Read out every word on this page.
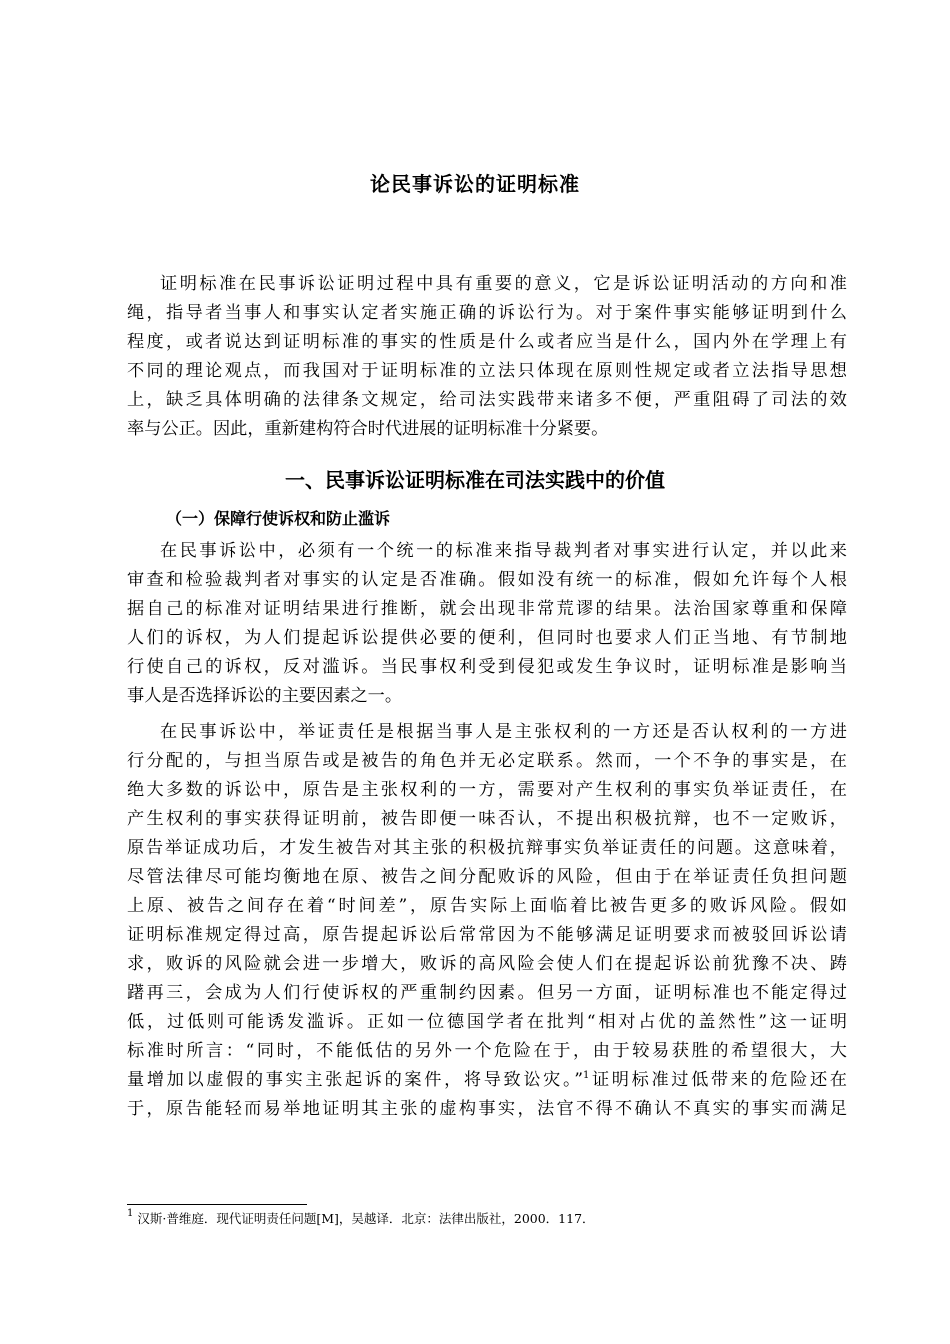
论民事诉讼的证明标准
证明标准在民事诉讼证明过程中具有重要的意义，它是诉讼证明活动的方向和准
绳，指导者当事人和事实认定者实施正确的诉讼行为。对于案件事实能够证明到什么
程度，或者说达到证明标准的事实的性质是什么或者应当是什么，国内外在学理上有
不同的理论观点，而我国对于证明标准的立法只体现在原则性规定或者立法指导思想
上，缺乏具体明确的法律条文规定，给司法实践带来诸多不便，严重阻碍了司法的效
率与公正。因此，重新建构符合时代进展的证明标准十分紧要。
一、民事诉讼证明标准在司法实践中的价值
（一）保障行使诉权和防止滥诉
在民事诉讼中，必须有一个统一的标准来指导裁判者对事实进行认定，并以此来
审查和检验裁判者对事实的认定是否准确。假如没有统一的标准，假如允许每个人根
据自己的标准对证明结果进行推断，就会出现非常荒谬的结果。法治国家尊重和保障
人们的诉权，为人们提起诉讼提供必要的便利，但同时也要求人们正当地、有节制地
行使自己的诉权，反对滥诉。当民事权利受到侵犯或发生争议时，证明标准是影响当
事人是否选择诉讼的主要因素之一。
在民事诉讼中，举证责任是根据当事人是主张权利的一方还是否认权利的一方进
行分配的，与担当原告或是被告的角色并无必定联系。然而，一个不争的事实是，在
绝大多数的诉讼中，原告是主张权利的一方，需要对产生权利的事实负举证责任，在
产生权利的事实获得证明前，被告即便一味否认，不提出积极抗辩，也不一定败诉，
原告举证成功后，才发生被告对其主张的积极抗辩事实负举证责任的问题。这意味着，
尽管法律尽可能均衡地在原、被告之间分配败诉的风险，但由于在举证责任负担问题
上原、被告之间存在着“时间差”，原告实际上面临着比被告更多的败诉风险。假如
证明标准规定得过高，原告提起诉讼后常常因为不能够满足证明要求而被驳回诉讼请
求，败诉的风险就会进一步增大，败诉的高风险会使人们在提起诉讼前犹豫不决、踌
躇再三，会成为人们行使诉权的严重制约因素。但另一方面，证明标准也不能定得过
低，过低则可能诱发滥诉。正如一位德国学者在批判“相对占优的盖然性”这一证明
标准时所言：“同时，不能低估的另外一个危险在于，由于较易获胜的希望很大，大
量增加以虚假的事实主张起诉的案件，将导致讼灾。”$^1$证明标准过低带来的危险还在
于，原告能轻而易举地证明其主张的虚构事实，法官不得不确认不真实的事实而满足
$^1$ 汉斯·普维庭．现代证明责任问题[M]，吴越译．北京：法律出版社，2000．117．
